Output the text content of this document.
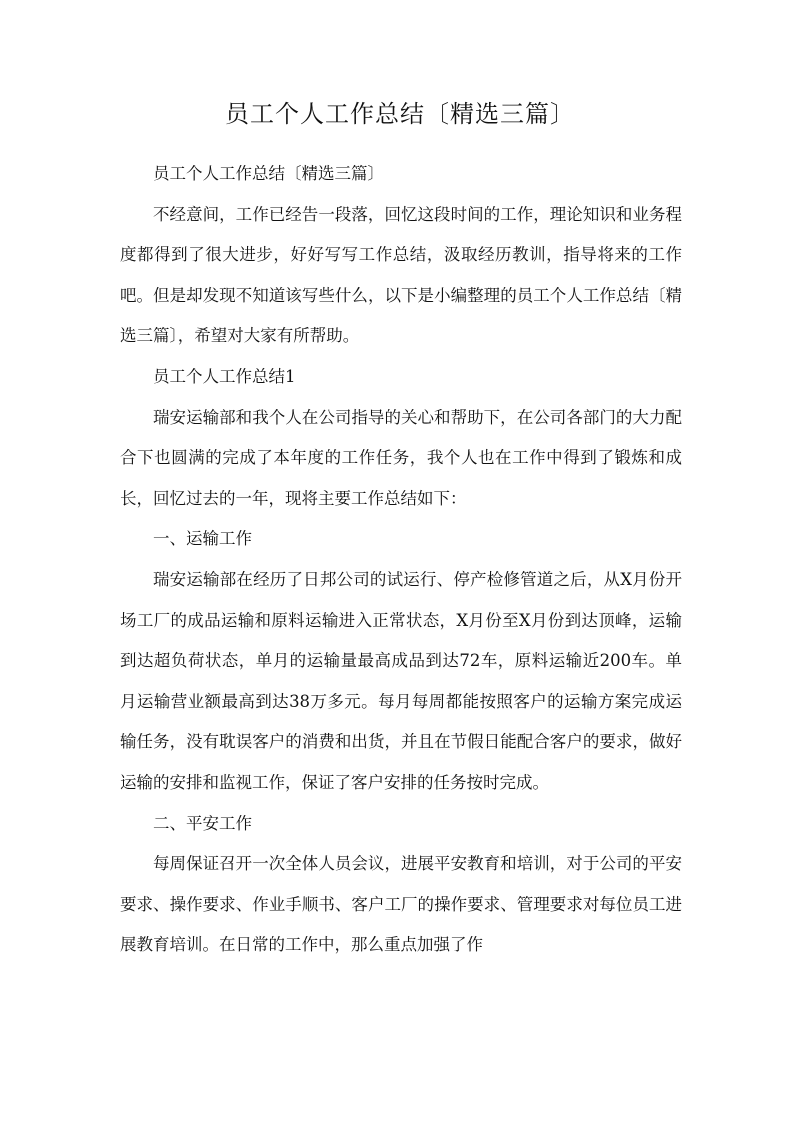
员工个人工作总结〔精选三篇〕

员工个人工作总结〔精选三篇〕

不经意间，工作已经告一段落，回忆这段时间的工作，理论知识和业务程度都得到了很大进步，好好写写工作总结，汲取经历教训，指导将来的工作吧。但是却发现不知道该写些什么，以下是小编整理的员工个人工作总结〔精选三篇〕，希望对大家有所帮助。

员工个人工作总结1

瑞安运输部和我个人在公司指导的关心和帮助下，在公司各部门的大力配合下也圆满的完成了本年度的工作任务，我个人也在工作中得到了锻炼和成长，回忆过去的一年，现将主要工作总结如下：

一、运输工作

瑞安运输部在经历了日邦公司的试运行、停产检修管道之后，从X月份开场工厂的成品运输和原料运输进入正常状态，X月份至X月份到达顶峰，运输到达超负荷状态，单月的运输量最高成品到达72车，原料运输近200车。单月运输营业额最高到达38万多元。每月每周都能按照客户的运输方案完成运输任务，没有耽误客户的消费和出货，并且在节假日能配合客户的要求，做好运输的安排和监视工作，保证了客户安排的任务按时完成。

二、平安工作

每周保证召开一次全体人员会议，进展平安教育和培训，对于公司的平安要求、操作要求、作业手顺书、客户工厂的操作要求、管理要求对每位员工进展教育培训。在日常的工作中，那么重点加强了作
